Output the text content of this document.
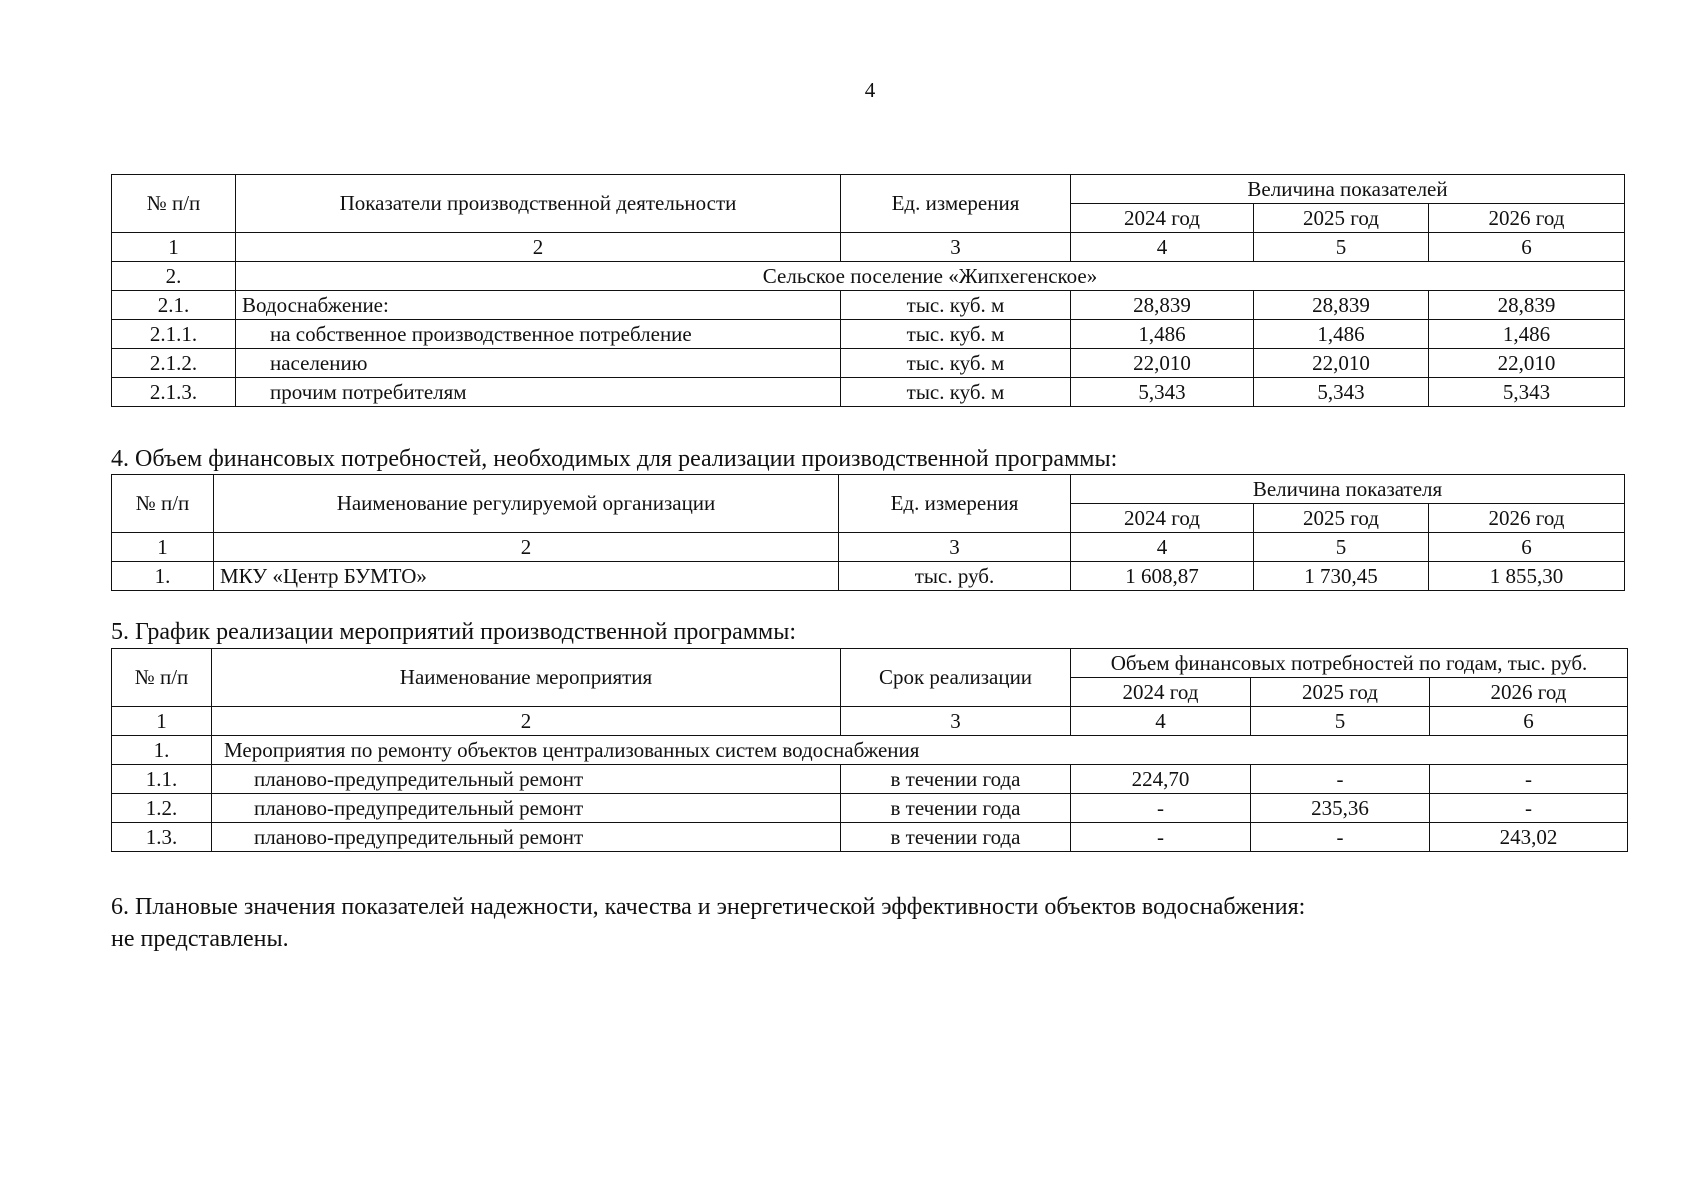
4
№ п/п	Показатели производственной деятельности	Ед. измерения	Величина показателей		
			2024 год	2025 год	2026 год
1	2	3	4	5	6
2.	Сельское поселение «Жипхегенское»				
2.1.	Водоснабжение:	тыс. куб. м	28,839	28,839	28,839
2.1.1.	на собственное производственное потребление	тыс. куб. м	1,486	1,486	1,486
2.1.2.	населению	тыс. куб. м	22,010	22,010	22,010
2.1.3.	прочим потребителям	тыс. куб. м	5,343	5,343	5,343
4. Объем финансовых потребностей, необходимых для реализации производственной программы:
№ п/п	Наименование регулируемой организации	Ед. измерения	Величина показателя		
			2024 год	2025 год	2026 год
1	2	3	4	5	6
1.	МКУ «Центр БУМТО»	тыс. руб.	1 608,87	1 730,45	1 855,30
5. График реализации мероприятий производственной программы:
№ п/п	Наименование мероприятия	Срок реализации	Объем финансовых потребностей по годам, тыс. руб.		
			2024 год	2025 год	2026 год
1	2	3	4	5	6
1.	Мероприятия по ремонту объектов централизованных систем водоснабжения				
1.1.	планово-предупредительный ремонт	в течении года	224,70	-	-
1.2.	планово-предупредительный ремонт	в течении года	-	235,36	-
1.3.	планово-предупредительный ремонт	в течении года	-	-	243,02
6. Плановые значения показателей надежности, качества и энергетической эффективности объектов водоснабжения:
не представлены.
